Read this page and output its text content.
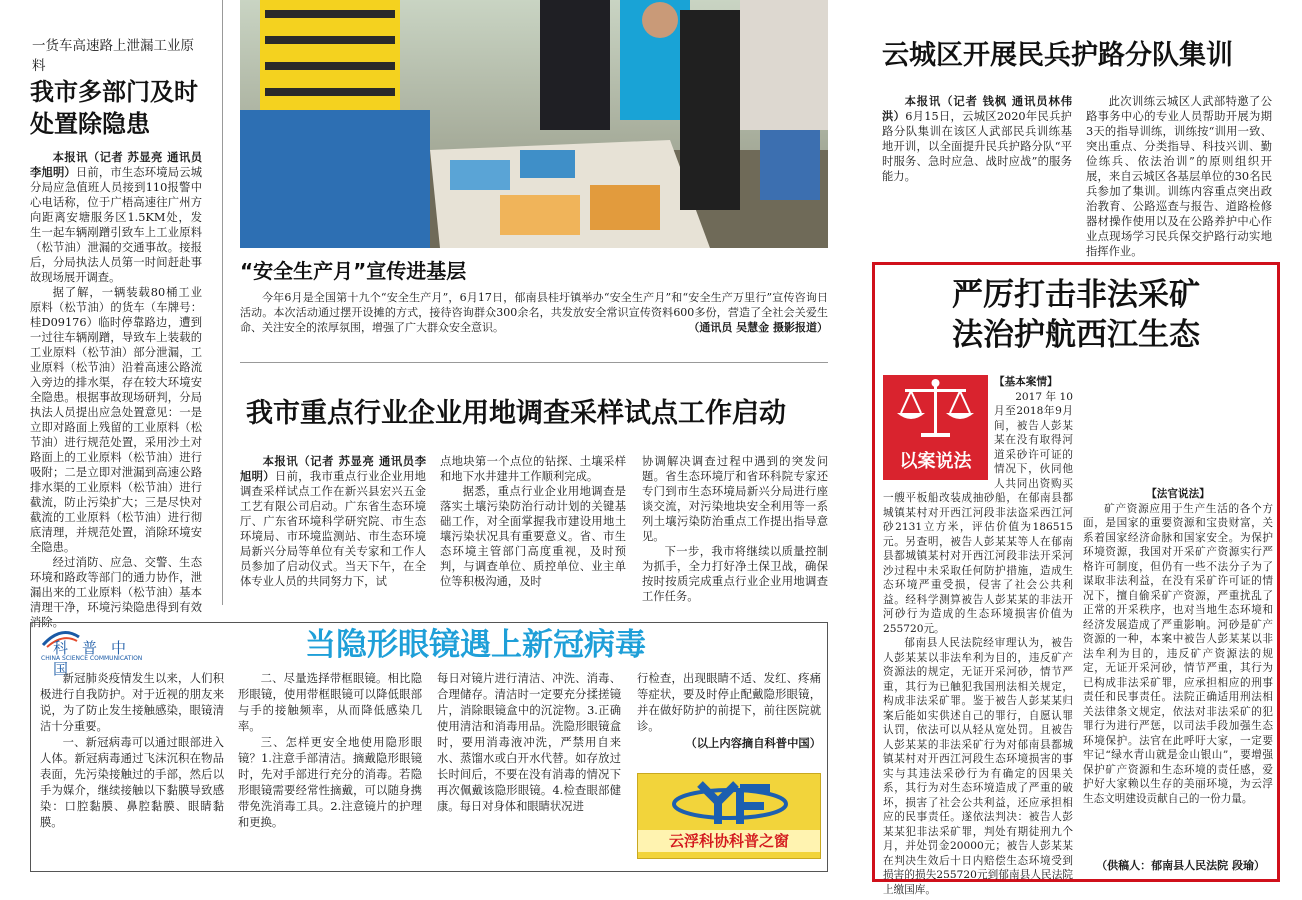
一货车高速路上泄漏工业原料
我市多部门及时
处置除隐患

本报讯（记者 苏显亮 通讯员李旭明）日前，市生态环境局云城分局应急值班人员接到110报警中心电话称，位于广梧高速往广州方向距离安塘服务区1.5KM处，发生一起车辆剐蹭引致车上工业原料（松节油）泄漏的交通事故。接报后，分局执法人员第一时间赶赴事故现场展开调查。

据了解，一辆装载80桶工业原料（松节油）的货车（车牌号：桂D09176）临时停靠路边，遭到一过往车辆剐蹭，导致车上装载的工业原料（松节油）部分泄漏，工业原料（松节油）沿着高速公路流入旁边的排水渠，存在较大环境安全隐患。根据事故现场研判，分局执法人员提出应急处置意见：一是立即对路面上残留的工业原料（松节油）进行规范处置，采用沙土对路面上的工业原料（松节油）进行吸附；二是立即对泄漏到高速公路排水渠的工业原料（松节油）进行截流，防止污染扩大；三是尽快对截流的工业原料（松节油）进行彻底清理，并规范处置，消除环境安全隐患。

经过消防、应急、交警、生态环境和路政等部门的通力协作，泄漏出来的工业原料（松节油）基本清理干净，环境污染隐患得到有效消除。

“安全生产月”宣传进基层

今年6月是全国第十九个“安全生产月”，6月17日，郁南县桂圩镇举办“安全生产月”和“安全生产万里行”宣传咨询日活动。本次活动通过摆开设摊的方式，接待咨询群众300余名，共发放安全常识宣传资料600多份，营造了全社会关爱生命、关注安全的浓厚氛围，增强了广大群众安全意识。	（通讯员 吴慧金 摄影报道）

我市重点行业企业用地调查采样试点工作启动

本报讯（记者 苏显亮 通讯员李旭明）日前，我市重点行业企业用地调查采样试点工作在新兴县宏兴五金工艺有限公司启动。广东省生态环境厅、广东省环境科学研究院、市生态环境局、市环境监测站、市生态环境局新兴分局等单位有关专家和工作人员参加了启动仪式。当天下午，在全体专业人员的共同努力下，试

点地块第一个点位的钻探、土壤采样和地下水井建井工作顺利完成。

据悉，重点行业企业用地调查是落实土壤污染防治行动计划的关键基础工作，对全面掌握我市建设用地土壤污染状况具有重要意义。省、市生态环境主管部门高度重视，及时预判，与调查单位、质控单位、业主单位等积极沟通，及时

协调解决调查过程中遇到的突发问题。省生态环境厅和省环科院专家还专门到市生态环境局新兴分局进行座谈交流，对污染地块安全利用等一系列土壤污染防治重点工作提出指导意见。

下一步，我市将继续以质量控制为抓手，全力打好净土保卫战，确保按时按质完成重点行业企业用地调查工作任务。

云城区开展民兵护路分队集训

本报讯（记者 钱枫 通讯员林伟洪）6月15日，云城区2020年民兵护路分队集训在该区人武部民兵训练基地开训，以全面提升民兵护路分队“平时服务、急时应急、战时应战”的服务能力。

此次训练云城区人武部特邀了公路事务中心的专业人员帮助开展为期3天的指导训练，训练按“训用一致、突出重点、分类指导、科技兴训、勤俭练兵、依法治训”的原则组织开展，来自云城区各基层单位的30名民兵参加了集训。训练内容重点突出政治教育、公路巡查与报告、道路检修器材操作使用以及在公路养护中心作业点现场学习民兵保交护路行动实地指挥作业。

严厉打击非法采矿
法治护航西江生态
以案说法

【基本案情】

2017年10月至2018年9月间，被告人彭某某在没有取得河道采砂许可证的情况下，伙同他人共同出资购买一艘平板船改装成抽砂船，在郁南县都城镇某村对开西江河段非法盗采西江河砂2131立方米，评估价值为186515元。另查明，被告人彭某某等人在郁南县都城镇某村对开西江河段非法开采河沙过程中未采取任何防护措施，造成生态环境严重受损，侵害了社会公共利益。经科学测算被告人彭某某的非法开河砂行为造成的生态环境损害价值为255720元。

郁南县人民法院经审理认为，被告人彭某某以非法牟利为目的，违反矿产资源法的规定，无证开采河砂，情节严重，其行为已触犯我国刑法相关规定，构成非法采矿罪。鉴于被告人彭某某归案后能如实供述自己的罪行，自愿认罪认罚，依法可以从轻从宽处罚。且被告人彭某某的非法采矿行为对郁南县都城镇某村对开西江河段生态环境损害的事实与其违法采砂行为有确定的因果关系，其行为对生态环境造成了严重的破坏，损害了社会公共利益，还应承担相应的民事责任。遂依法判决：被告人彭某某犯非法采矿罪，判处有期徒刑九个月，并处罚金20000元；被告人彭某某在判决生效后十日内赔偿生态环境受到损害的损失255720元到郁南县人民法院上缴国库。

【法官说法】

矿产资源应用于生产生活的各个方面，是国家的重要资源和宝贵财富，关系着国家经济命脉和国家安全。为保护环境资源，我国对开采矿产资源实行严格许可制度，但仍有一些不法分子为了谋取非法利益，在没有采矿许可证的情况下，擅自偷采矿产资源，严重扰乱了正常的开采秩序，也对当地生态环境和经济发展造成了严重影响。河砂是矿产资源的一种，本案中被告人彭某某以非法牟利为目的，违反矿产资源法的规定，无证开采河砂，情节严重，其行为已构成非法采矿罪，应承担相应的刑事责任和民事责任。法院正确适用刑法相关法律条文规定，依法对非法采矿的犯罪行为进行严惩，以司法手段加强生态环境保护。法官在此呼吁大家，一定要牢记“绿水青山就是金山银山”，要增强保护矿产资源和生态环境的责任感，爱护好大家赖以生存的美丽环境，为云浮生态文明建设贡献自己的一份力量。

（供稿人：郁南县人民法院 段瑜）
科普中国
CHINA SCIENCE COMMUNICATION	当隐形眼镜遇上新冠病毒

新冠肺炎疫情发生以来，人们积极进行自我防护。对于近视的朋友来说，为了防止发生接触感染，眼镜清洁十分重要。

一、新冠病毒可以通过眼部进入人体。新冠病毒通过飞沫沉积在物品表面，先污染接触过的手部，然后以手为媒介，继续接触以下黏膜导致感染：口腔黏膜、鼻腔黏膜、眼睛黏膜。

二、尽量选择带框眼镜。相比隐形眼镜，使用带框眼镜可以降低眼部与手的接触频率，从而降低感染几率。

三、怎样更安全地使用隐形眼镜？1.注意手部清洁。摘戴隐形眼镜时，先对手部进行充分的消毒。若隐形眼镜需要经常性摘戴，可以随身携带免洗消毒工具。2.注意镜片的护理和更换。

每日对镜片进行清洁、冲洗、消毒、合理储存。清洁时一定要充分揉搓镜片，消除眼镜盒中的沉淀物。3.正确使用清洁和消毒用品。洗隐形眼镜盒时，要用消毒液冲洗，严禁用自来水、蒸馏水或白开水代替。如存放过长时间后，不要在没有消毒的情况下再次佩戴该隐形眼镜。4.检查眼部健康。每日对身体和眼睛状况进

行检查，出现眼睛不适、发红、疼痛等症状，要及时停止配戴隐形眼镜，并在做好防护的前提下，前往医院就诊。

（以上内容摘自科普中国）

云浮科协科普之窗
